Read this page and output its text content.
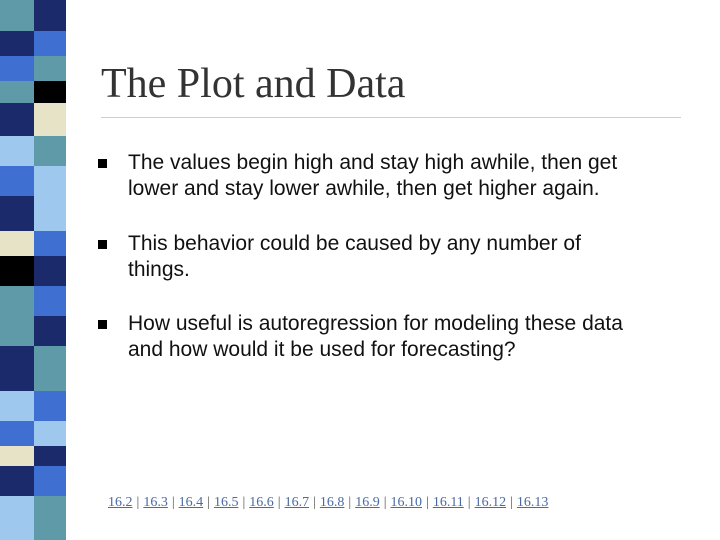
The Plot and Data
The values begin high and stay high awhile, then get
lower and stay lower awhile, then get higher again.
This behavior could be caused by any number of
things.
How useful is autoregression for modeling these data
and how would it be used for forecasting?
16.2 | 16.3 | 16.4 | 16.5 | 16.6 | 16.7 | 16.8 | 16.9 | 16.10 | 16.11 | 16.12 | 16.13
